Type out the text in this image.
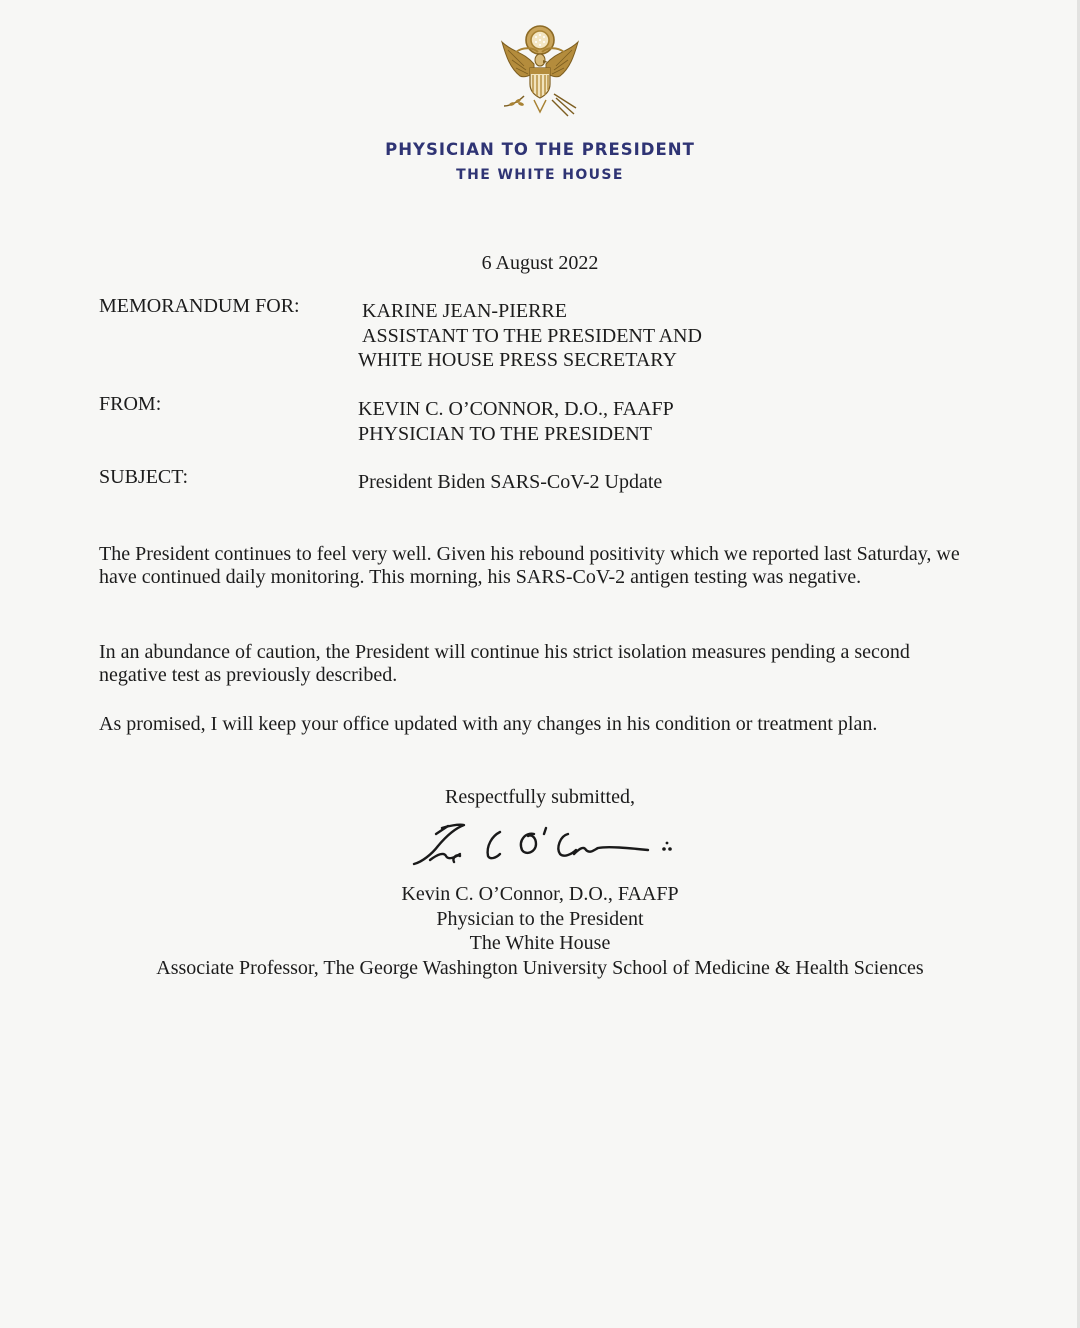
PHYSICIAN TO THE PRESIDENT
THE WHITE HOUSE
6 August 2022
MEMORANDUM FOR:	KARINE JEAN-PIERRE
ASSISTANT TO THE PRESIDENT AND
WHITE HOUSE PRESS SECRETARY
FROM:	KEVIN C. O’CONNOR, D.O., FAAFP
PHYSICIAN TO THE PRESIDENT
SUBJECT:	President Biden SARS-CoV-2 Update
The President continues to feel very well. Given his rebound positivity which we reported last Saturday, we have continued daily monitoring. This morning, his SARS-CoV-2 antigen testing was negative.
In an abundance of caution, the President will continue his strict isolation measures pending a second negative test as previously described.
As promised, I will keep your office updated with any changes in his condition or treatment plan.
Respectfully submitted,
Kevin C. O’Connor, D.O., FAAFP
Physician to the President
The White House
Associate Professor, The George Washington University School of Medicine & Health Sciences
